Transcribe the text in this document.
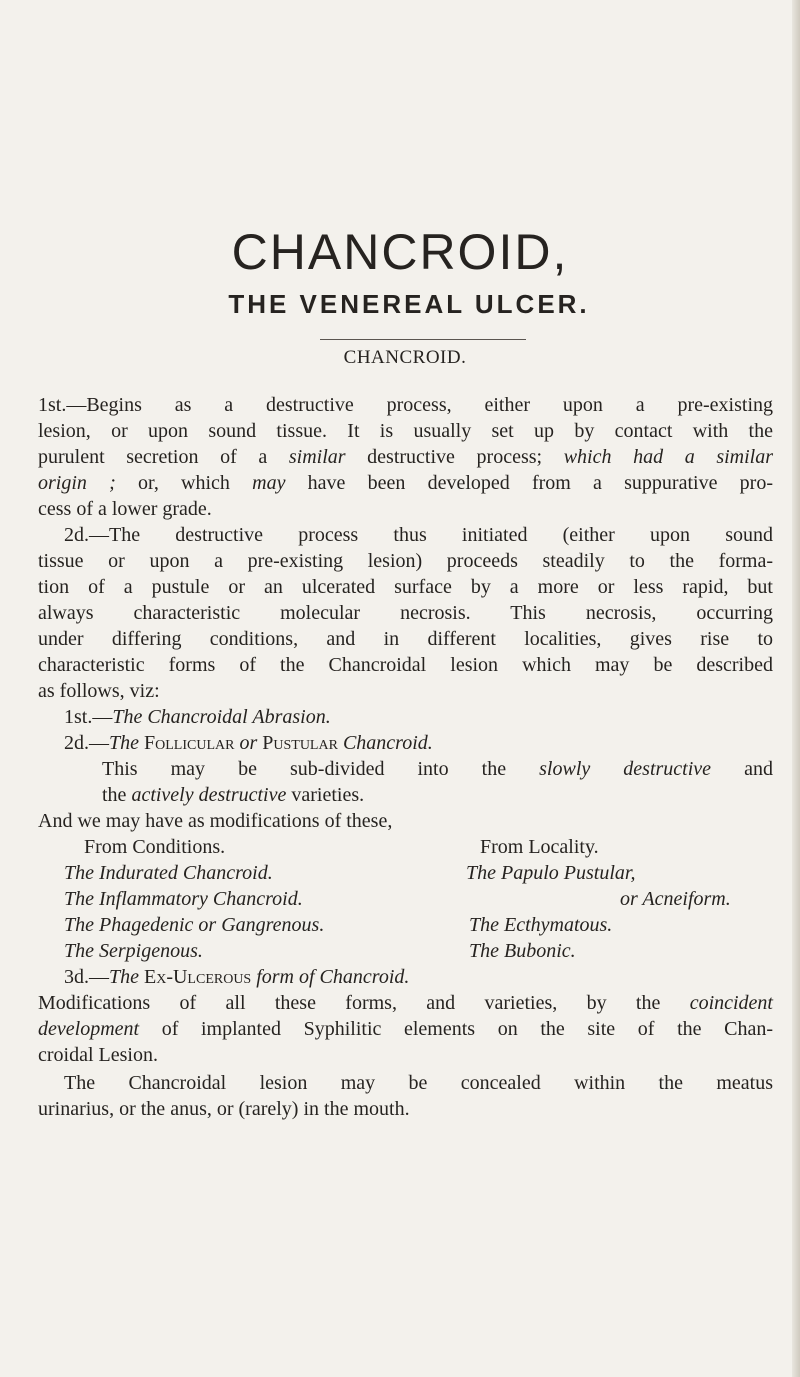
CHANCROID,
THE VENEREAL ULCER.
CHANCROID.
1st.—Begins as a destructive process, either upon a pre-existing
lesion, or upon sound tissue. It is usually set up by contact with the
purulent secretion of a similar destructive process; which had a similar
origin ; or, which may have been developed from a suppurative pro-
cess of a lower grade.
2d.—The destructive process thus initiated (either upon sound
tissue or upon a pre-existing lesion) proceeds steadily to the forma-
tion of a pustule or an ulcerated surface by a more or less rapid, but
always characteristic molecular necrosis. This necrosis, occurring
under differing conditions, and in different localities, gives rise to
characteristic forms of the Chancroidal lesion which may be described
as follows, viz:
1st.—The Chancroidal Abrasion.
2d.—The Follicular or Pustular Chancroid.
This may be sub-divided into the slowly destructive and
the actively destructive varieties.
And we may have as modifications of these,
From Conditions.	From Locality.
The Indurated Chancroid.
The Inflammatory Chancroid.
The Phagedenic or Gangrenous.
The Serpigenous.
The Papulo Pustular,
or Acneiform.
The Ecthymatous.
The Bubonic.
3d.—The Ex-Ulcerous form of Chancroid.
Modifications of all these forms, and varieties, by the coincident
development of implanted Syphilitic elements on the site of the Chan-
croidal Lesion.
The Chancroidal lesion may be concealed within the meatus
urinarius, or the anus, or (rarely) in the mouth.
